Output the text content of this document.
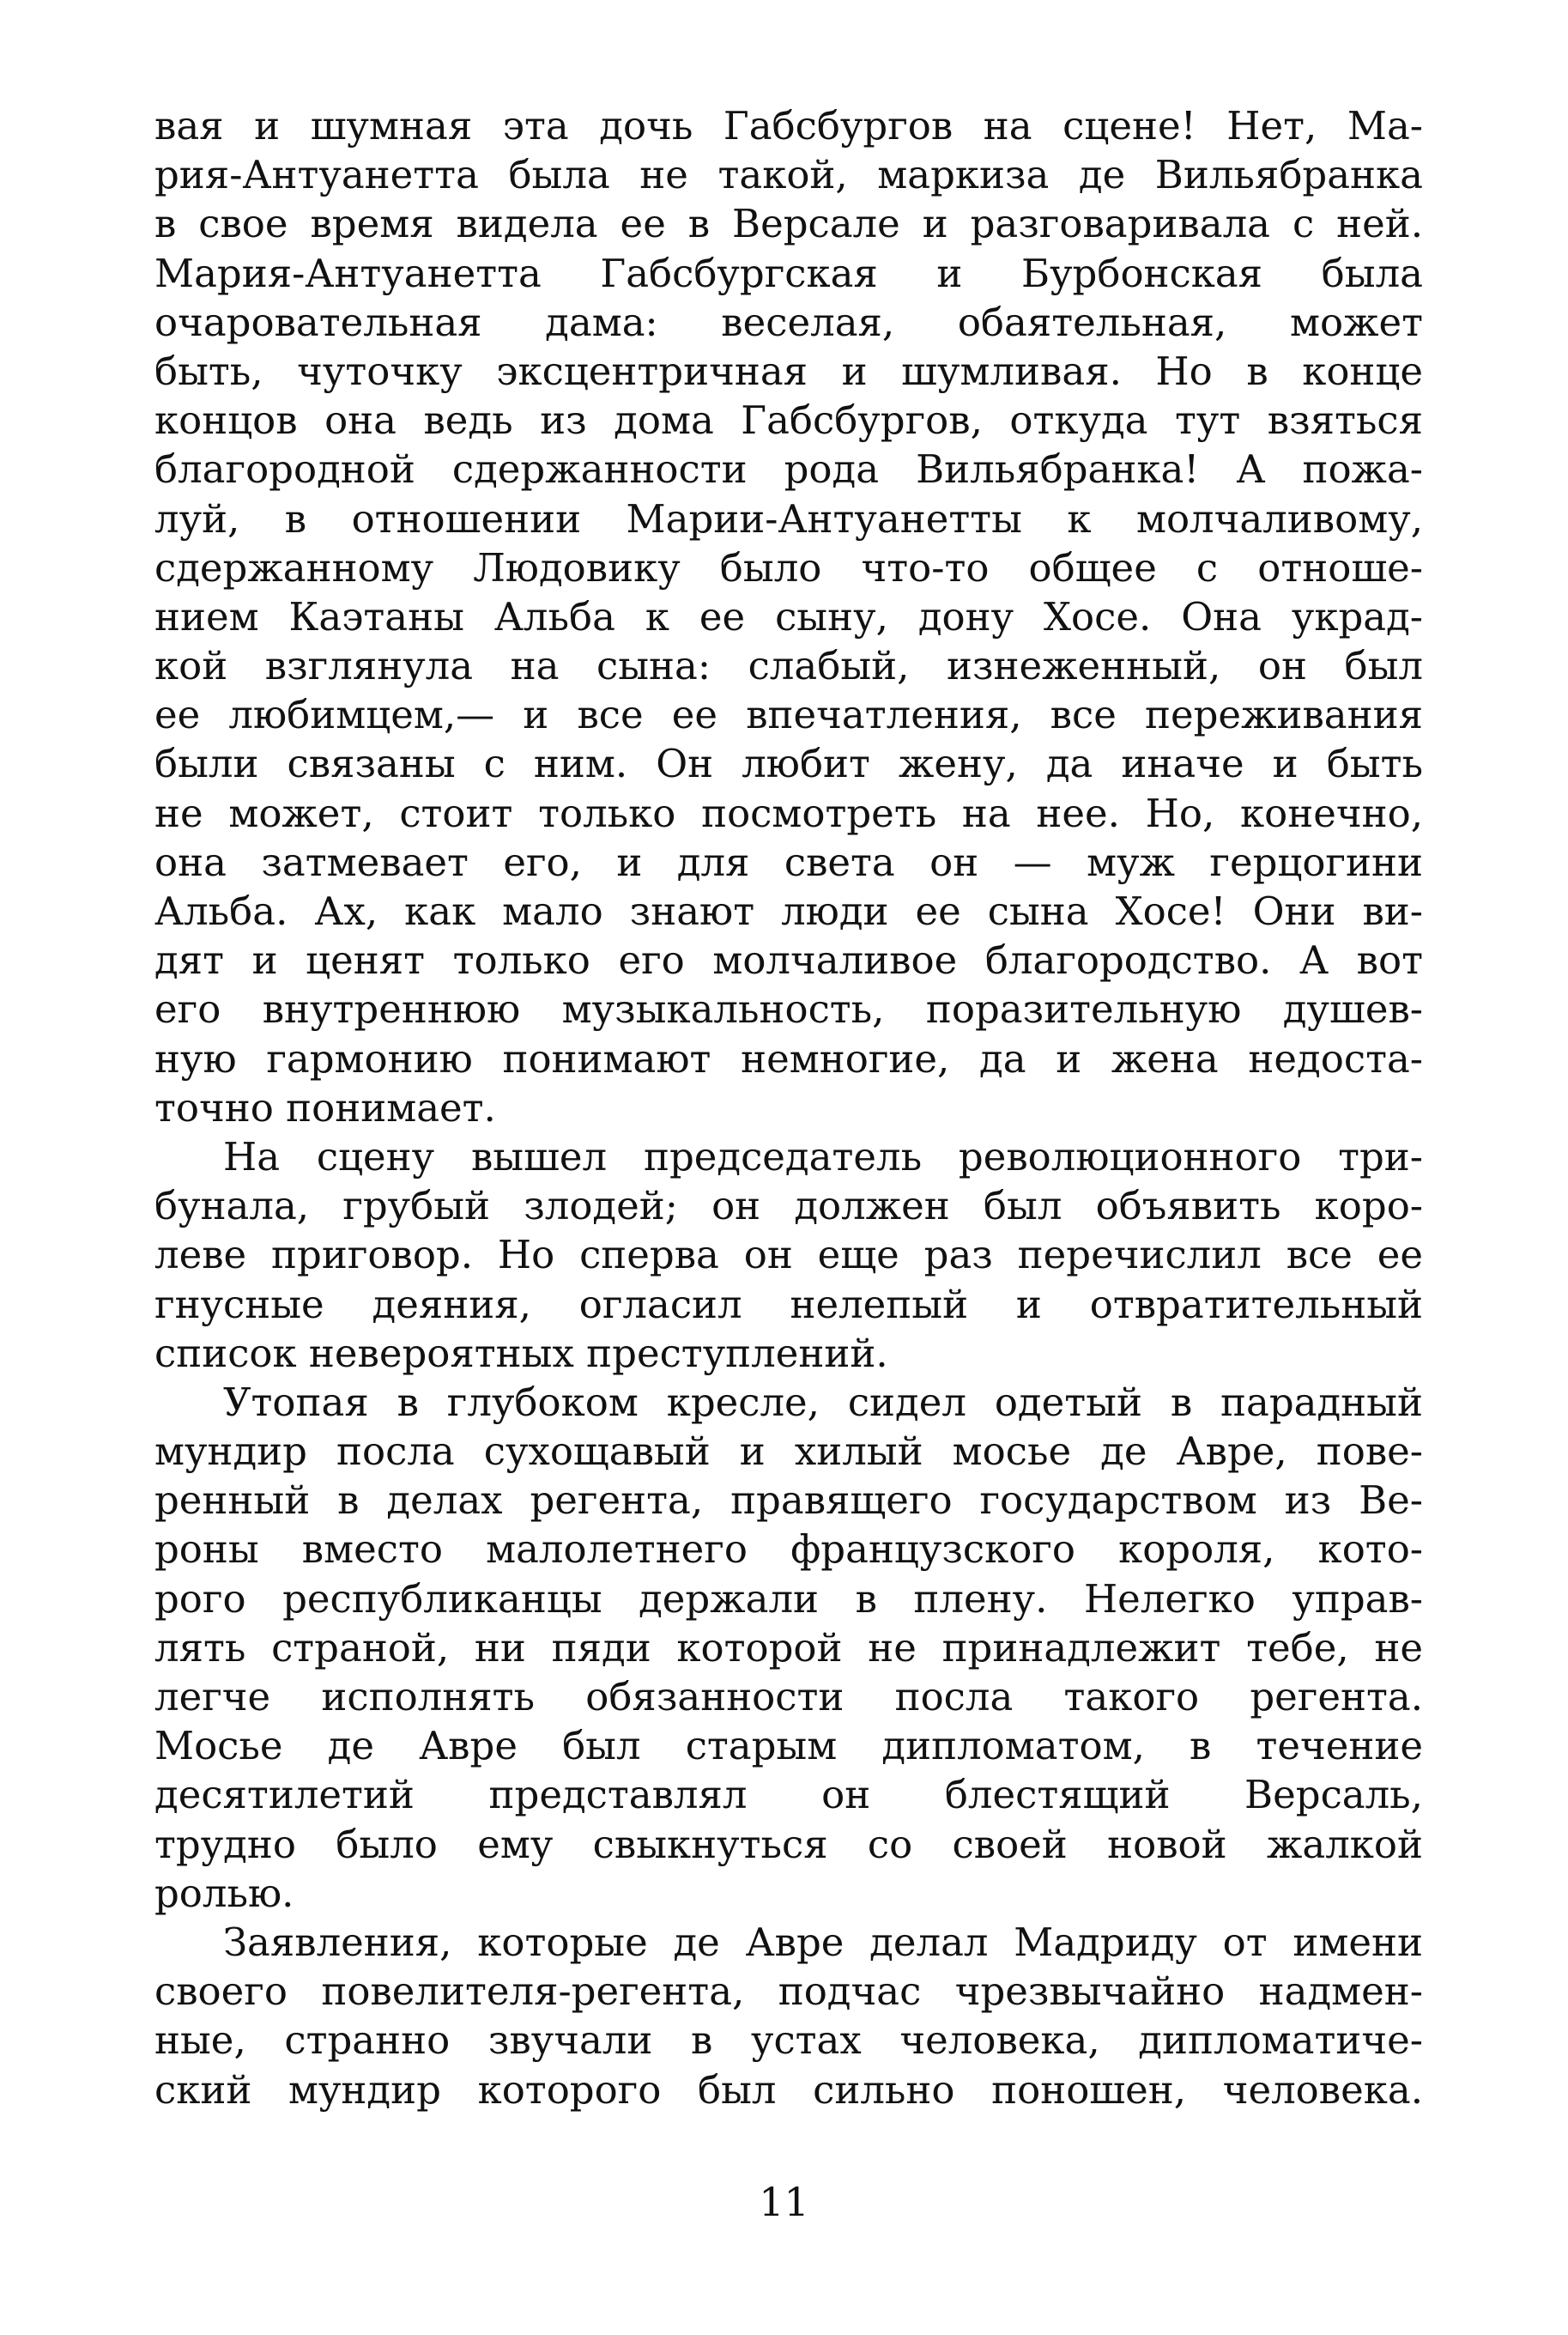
вая и шумная эта дочь Габсбургов на сцене! Нет, Ма-
рия-Антуанетта была не такой, маркиза де Вильябранка
в свое время видела ее в Версале и разговаривала с ней.
Мария-Антуанетта Габсбургская и Бурбонская была
очаровательная дама: веселая, обаятельная, может
быть, чуточку эксцентричная и шумливая. Но в конце
концов она ведь из дома Габсбургов, откуда тут взяться
благородной сдержанности рода Вильябранка! А пожа-
луй, в отношении Марии-Антуанетты к молчаливому,
сдержанному Людовику было что-то общее с отноше-
нием Каэтаны Альба к ее сыну, дону Хосе. Она украд-
кой взглянула на сына: слабый, изнеженный, он был
ее любимцем,— и все ее впечатления, все переживания
были связаны с ним. Он любит жену, да иначе и быть
не может, стоит только посмотреть на нее. Но, конечно,
она затмевает его, и для света он — муж герцогини
Альба. Ах, как мало знают люди ее сына Хосе! Они ви-
дят и ценят только его молчаливое благородство. А вот
его внутреннюю музыкальность, поразительную душев-
ную гармонию понимают немногие, да и жена недоста-
точно понимает.
На сцену вышел председатель революционного три-
бунала, грубый злодей; он должен был объявить коро-
леве приговор. Но сперва он еще раз перечислил все ее
гнусные деяния, огласил нелепый и отвратительный
список невероятных преступлений.
Утопая в глубоком кресле, сидел одетый в парадный
мундир посла сухощавый и хилый мосье де Авре, пове-
ренный в делах регента, правящего государством из Ве-
роны вместо малолетнего французского короля, кото-
рого республиканцы держали в плену. Нелегко управ-
лять страной, ни пяди которой не принадлежит тебе, не
легче исполнять обязанности посла такого регента.
Мосье де Авре был старым дипломатом, в течение
десятилетий представлял он блестящий Версаль,
трудно было ему свыкнуться со своей новой жалкой
ролью.
Заявления, которые де Авре делал Мадриду от имени
своего повелителя-регента, подчас чрезвычайно надмен-
ные, странно звучали в устах человека, дипломатиче-
ский мундир которого был сильно поношен, человека.
11
